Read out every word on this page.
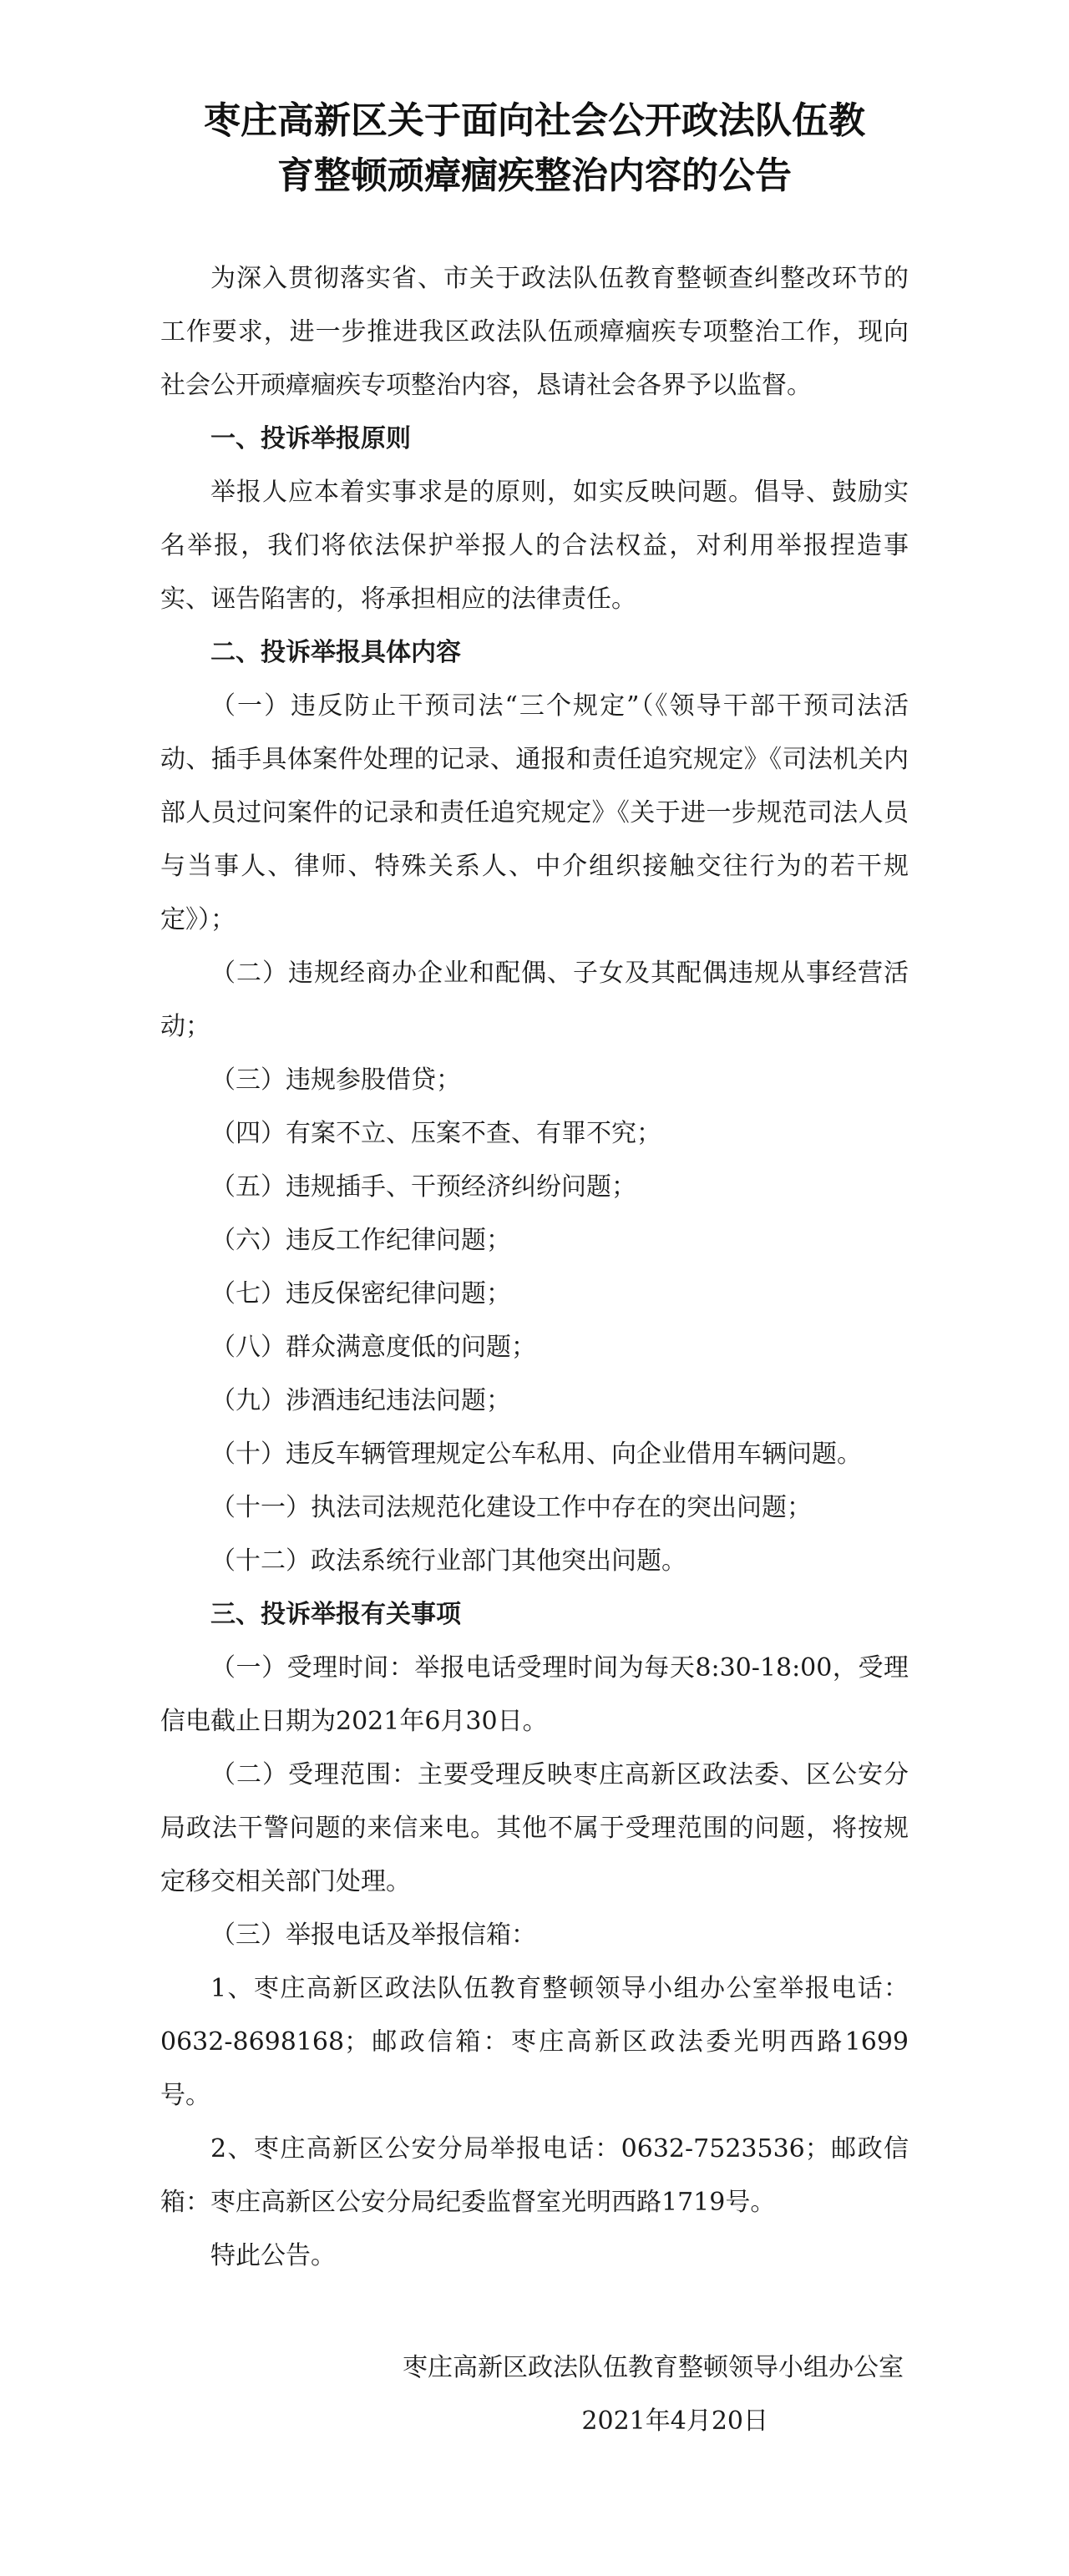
枣庄高新区关于面向社会公开政法队伍教
育整顿顽瘴痼疾整治内容的公告

为深入贯彻落实省、市关于政法队伍教育整顿查纠整改环节的工作要求，进一步推进我区政法队伍顽瘴痼疾专项整治工作，现向社会公开顽瘴痼疾专项整治内容，恳请社会各界予以监督。

一、投诉举报原则

举报人应本着实事求是的原则，如实反映问题。倡导、鼓励实名举报，我们将依法保护举报人的合法权益，对利用举报捏造事实、诬告陷害的，将承担相应的法律责任。

二、投诉举报具体内容

（一）违反防止干预司法“三个规定”（《领导干部干预司法活动、插手具体案件处理的记录、通报和责任追究规定》《司法机关内部人员过问案件的记录和责任追究规定》《关于进一步规范司法人员与当事人、律师、特殊关系人、中介组织接触交往行为的若干规定》）；

（二）违规经商办企业和配偶、子女及其配偶违规从事经营活动；

（三）违规参股借贷；

（四）有案不立、压案不查、有罪不究；

（五）违规插手、干预经济纠纷问题；

（六）违反工作纪律问题；

（七）违反保密纪律问题；

（八）群众满意度低的问题；

（九）涉酒违纪违法问题；

（十）违反车辆管理规定公车私用、向企业借用车辆问题。

（十一）执法司法规范化建设工作中存在的突出问题；

（十二）政法系统行业部门其他突出问题。

三、投诉举报有关事项

（一）受理时间：举报电话受理时间为每天8:30-18:00，受理信电截止日期为2021年6月30日。

（二）受理范围：主要受理反映枣庄高新区政法委、区公安分局政法干警问题的来信来电。其他不属于受理范围的问题，将按规定移交相关部门处理。

（三）举报电话及举报信箱：

1、枣庄高新区政法队伍教育整顿领导小组办公室举报电话：0632-8698168；邮政信箱：枣庄高新区政法委光明西路1699号。

2、枣庄高新区公安分局举报电话：0632-7523536；邮政信箱：枣庄高新区公安分局纪委监督室光明西路1719号。

特此公告。

枣庄高新区政法队伍教育整顿领导小组办公室
2021年4月20日
